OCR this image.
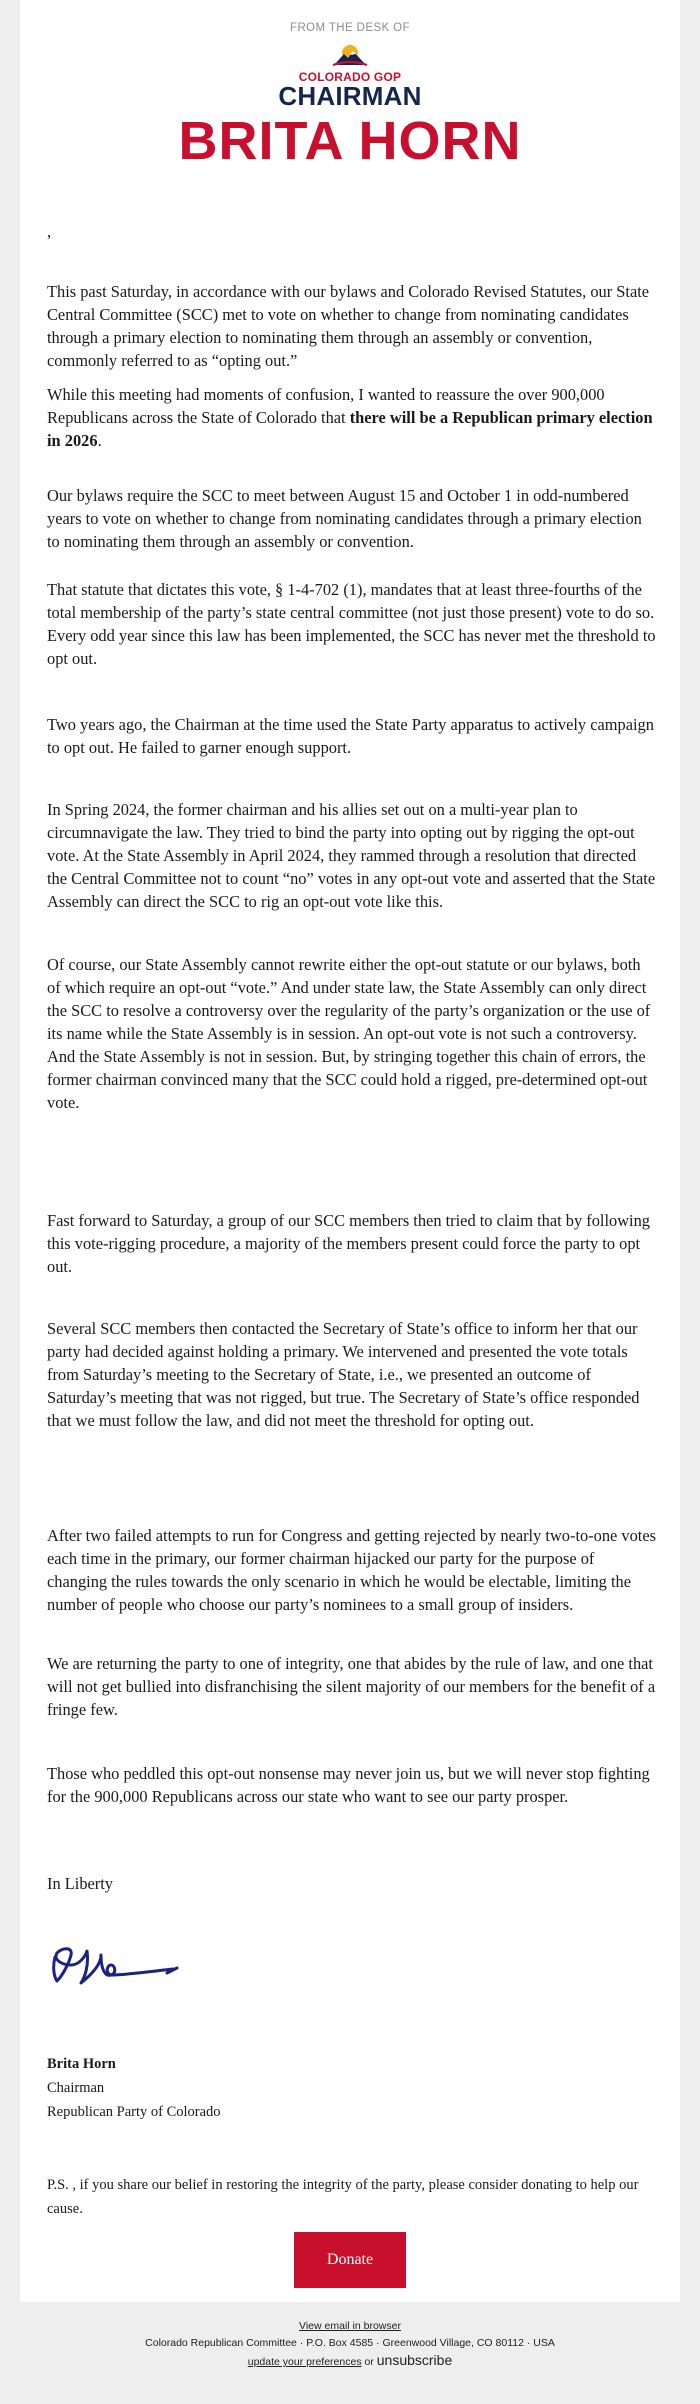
FROM THE DESK OF
COLORADO GOP
CHAIRMAN
BRITA HORN
,

This past Saturday, in accordance with our bylaws and Colorado Revised Statutes, our State Central Committee (SCC) met to vote on whether to change from nominating candidates through a primary election to nominating them through an assembly or convention, commonly referred to as “opting out.”

While this meeting had moments of confusion, I wanted to reassure the over 900,000 Republicans across the State of Colorado that there will be a Republican primary election in 2026.

Our bylaws require the SCC to meet between August 15 and October 1 in odd-numbered years to vote on whether to change from nominating candidates through a primary election to nominating them through an assembly or convention.

That statute that dictates this vote, § 1-4-702 (1), mandates that at least three-fourths of the total membership of the party’s state central committee (not just those present) vote to do so. Every odd year since this law has been implemented, the SCC has never met the threshold to opt out.

Two years ago, the Chairman at the time used the State Party apparatus to actively campaign to opt out. He failed to garner enough support.

In Spring 2024, the former chairman and his allies set out on a multi-year plan to circumnavigate the law. They tried to bind the party into opting out by rigging the opt-out vote. At the State Assembly in April 2024, they rammed through a resolution that directed the Central Committee not to count “no” votes in any opt-out vote and asserted that the State Assembly can direct the SCC to rig an opt-out vote like this.

Of course, our State Assembly cannot rewrite either the opt-out statute or our bylaws, both of which require an opt-out “vote.” And under state law, the State Assembly can only direct the SCC to resolve a controversy over the regularity of the party’s organization or the use of its name while the State Assembly is in session. An opt-out vote is not such a controversy. And the State Assembly is not in session. But, by stringing together this chain of errors, the former chairman convinced many that the SCC could hold a rigged, pre-determined opt-out vote.

Fast forward to Saturday, a group of our SCC members then tried to claim that by following this vote-rigging procedure, a majority of the members present could force the party to opt out.

Several SCC members then contacted the Secretary of State’s office to inform her that our party had decided against holding a primary. We intervened and presented the vote totals from Saturday’s meeting to the Secretary of State, i.e., we presented an outcome of Saturday’s meeting that was not rigged, but true. The Secretary of State’s office responded that we must follow the law, and did not meet the threshold for opting out.

After two failed attempts to run for Congress and getting rejected by nearly two-to-one votes each time in the primary, our former chairman hijacked our party for the purpose of changing the rules towards the only scenario in which he would be electable, limiting the number of people who choose our party’s nominees to a small group of insiders.

We are returning the party to one of integrity, one that abides by the rule of law, and one that will not get bullied into disfranchising the silent majority of our members for the benefit of a fringe few.

Those who peddled this opt-out nonsense may never join us, but we will never stop fighting for the 900,000 Republicans across our state who want to see our party prosper.

In Liberty

Brita Horn
Chairman
Republican Party of Colorado

P.S. , if you share our belief in restoring the integrity of the party, please consider donating to help our cause.

Donate
View email in browser
Colorado Republican Committee · P.O. Box 4585 · Greenwood Village, CO 80112 · USA
update your preferences or unsubscribe
